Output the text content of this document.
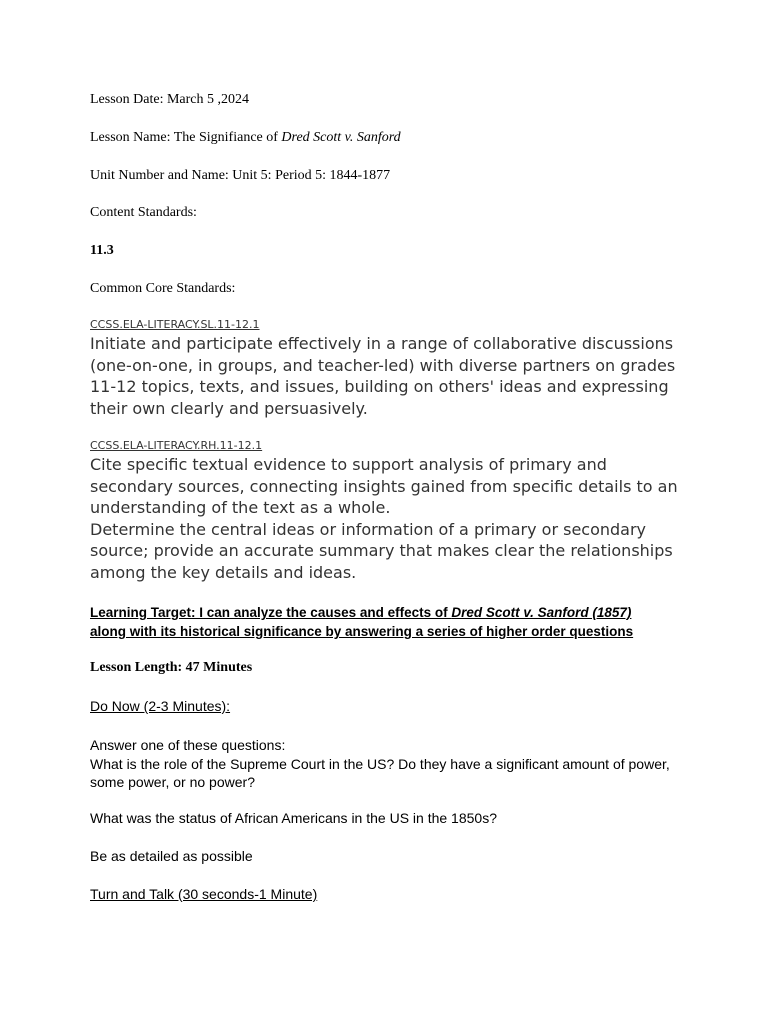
Lesson Date: March 5 ,2024

Lesson Name: The Signifiance of Dred Scott v. Sanford

Unit Number and Name: Unit 5: Period 5: 1844-1877

Content Standards:

11.3

Common Core Standards:

CCSS.ELA-LITERACY.SL.11-12.1

Initiate and participate effectively in a range of collaborative discussions
(one-on-one, in groups, and teacher-led) with diverse partners on grades
11-12 topics, texts, and issues, building on others' ideas and expressing
their own clearly and persuasively.

CCSS.ELA-LITERACY.RH.11-12.1

Cite specific textual evidence to support analysis of primary and
secondary sources, connecting insights gained from specific details to an
understanding of the text as a whole.
Determine the central ideas or information of a primary or secondary
source; provide an accurate summary that makes clear the relationships
among the key details and ideas.
Learning Target: I can analyze the causes and effects of Dred Scott v. Sanford (1857)
along with its historical significance by answering a series of higher order questions

Lesson Length: 47 Minutes

Do Now (2-3 Minutes):

Answer one of these questions:
What is the role of the Supreme Court in the US? Do they have a significant amount of power,
some power, or no power?

What was the status of African Americans in the US in the 1850s?

Be as detailed as possible

Turn and Talk (30 seconds-1 Minute)
